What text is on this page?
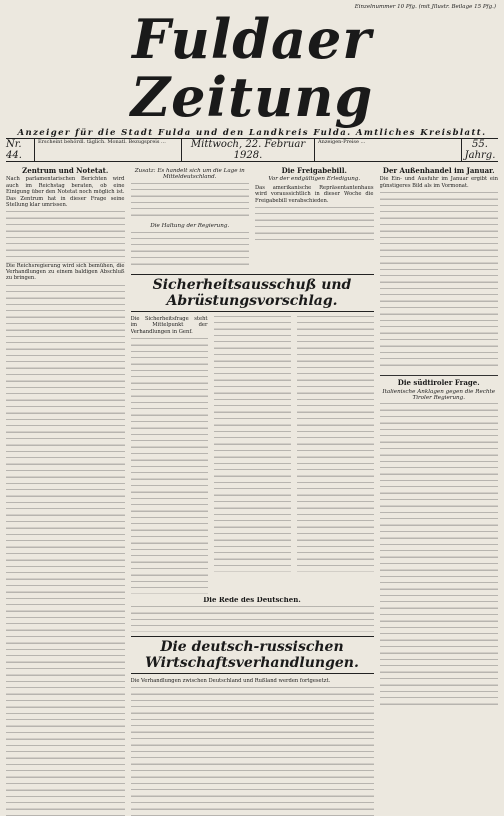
Einzelnummer 10 Pfg. (mit Jllustr. Beilage 15 Pfg.)
Fuldaer Zeitung
Anzeiger für die Stadt Fulda und den Landkreis Fulda. Amtliches Kreisblatt.
Nr. 44.
Erscheint behördl. täglich. Monatl. Bezugspreis ...	Mittwoch, 22. Februar 1928.
Anzeigen-Preise ...	55. Jahrg.
Zentrum und Notetat.

Nach parlamentarischen Berichten wird auch im Reichstag beraten, ob eine Einigung über den Notetat noch möglich ist. Das Zentrum hat in dieser Frage seine Stellung klar umrissen.

Die Reichsregierung wird sich bemühen, die Verhandlungen zu einem baldigen Abschluß zu bringen.

Zusatz: Es handelt sich um die Lage in Mitteldeutschland.
Die Haltung der Regierung.
Die Freigabebill.
Vor der endgültigen Erledigung.

Das amerikanische Repräsentantenhaus wird voraussichtlich in dieser Woche die Freigabebill verabschieden.

Sicherheitsausschuß und Abrüstungsvorschlag.

Die Sicherheitsfrage steht im Mittelpunkt der Verhandlungen in Genf.

Die Rede des Deutschen.
Die deutsch-russischen Wirtschaftsverhandlungen.

Die Verhandlungen zwischen Deutschland und Rußland werden fortgesetzt.

Der Außenhandel im Januar.

Die Ein- und Ausfuhr im Januar ergibt ein günstigeres Bild als im Vormonat.

Die südtiroler Frage.
Italienische Anklagen gegen die Rechte Tiroler Regierung.
